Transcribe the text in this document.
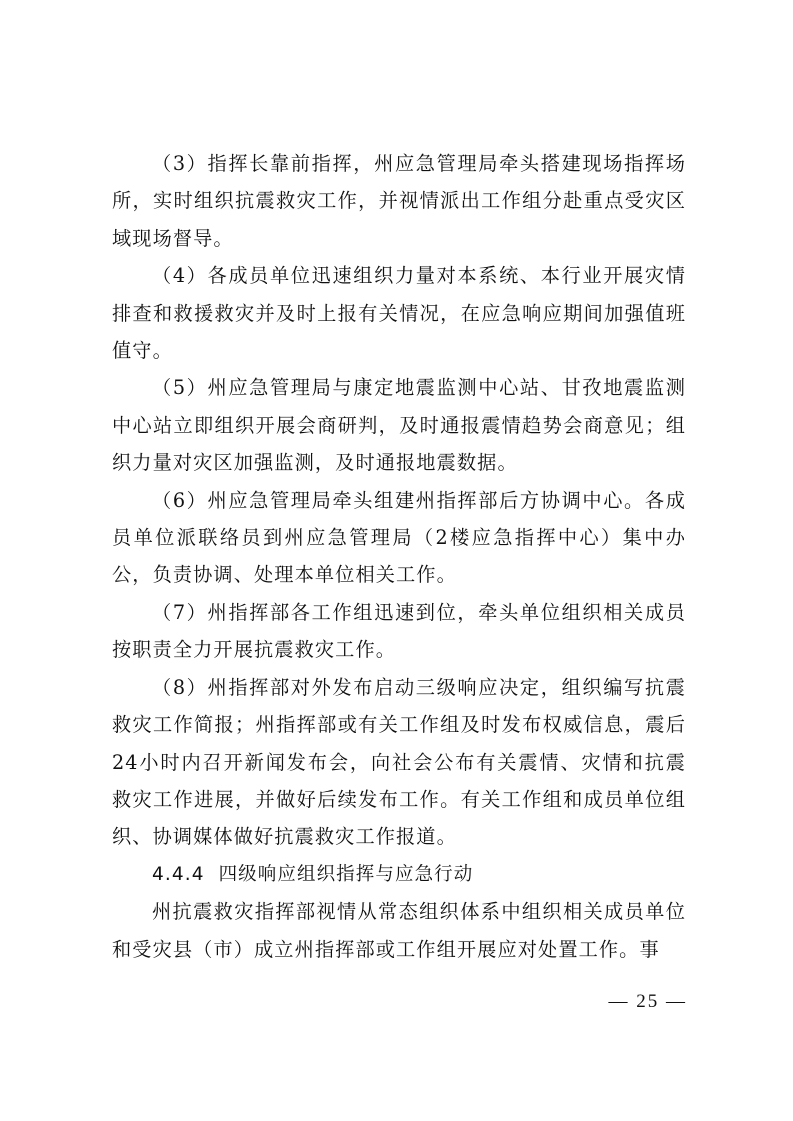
（3）指挥长靠前指挥，州应急管理局牵头搭建现场指挥场所，实时组织抗震救灾工作，并视情派出工作组分赴重点受灾区域现场督导。

（4）各成员单位迅速组织力量对本系统、本行业开展灾情排查和救援救灾并及时上报有关情况，在应急响应期间加强值班值守。

（5）州应急管理局与康定地震监测中心站、甘孜地震监测中心站立即组织开展会商研判，及时通报震情趋势会商意见；组织力量对灾区加强监测，及时通报地震数据。

（6）州应急管理局牵头组建州指挥部后方协调中心。各成员单位派联络员到州应急管理局（2楼应急指挥中心）集中办公，负责协调、处理本单位相关工作。

（7）州指挥部各工作组迅速到位，牵头单位组织相关成员按职责全力开展抗震救灾工作。

（8）州指挥部对外发布启动三级响应决定，组织编写抗震救灾工作简报；州指挥部或有关工作组及时发布权威信息，震后24小时内召开新闻发布会，向社会公布有关震情、灾情和抗震救灾工作进展，并做好后续发布工作。有关工作组和成员单位组织、协调媒体做好抗震救灾工作报道。

4.4.4 四级响应组织指挥与应急行动

州抗震救灾指挥部视情从常态组织体系中组织相关成员单位和受灾县（市）成立州指挥部或工作组开展应对处置工作。事

— 25 —
